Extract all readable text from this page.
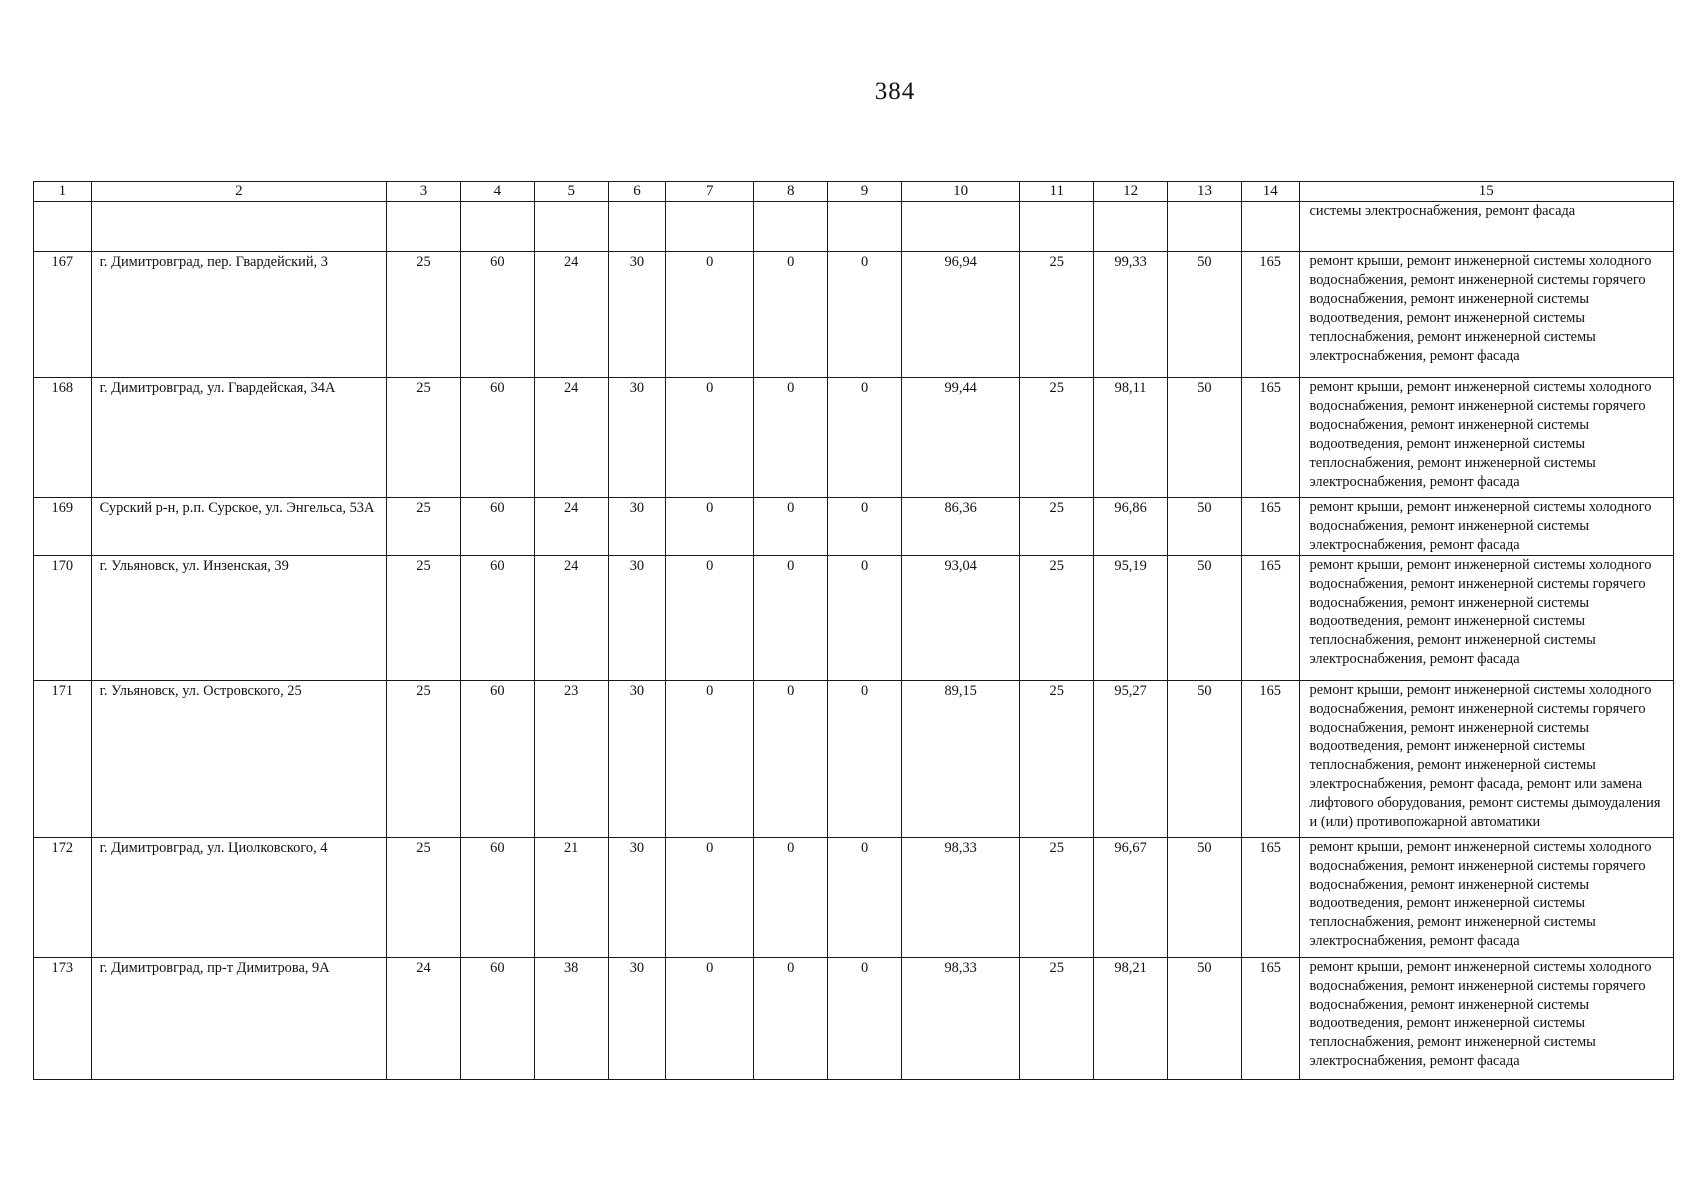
384
1	2	3	4	5	6	7	8	9	10	11	12	13	14	15
														системы электроснабжения, ремонт фасада
167	г. Димитровград, пер. Гвардейский, 3	25	60	24	30	0	0	0	96,94	25	99,33	50	165	ремонт крыши, ремонт инженерной системы холодного водоснабжения, ремонт инженерной системы горячего водоснабжения, ремонт инженерной системы водоотведения, ремонт инженерной системы теплоснабжения, ремонт инженерной системы электроснабжения, ремонт фасада
168	г. Димитровград, ул. Гвардейская, 34А	25	60	24	30	0	0	0	99,44	25	98,11	50	165	ремонт крыши, ремонт инженерной системы холодного водоснабжения, ремонт инженерной системы горячего водоснабжения, ремонт инженерной системы водоотведения, ремонт инженерной системы теплоснабжения, ремонт инженерной системы электроснабжения, ремонт фасада
169	Сурский р-н, р.п. Сурское, ул. Энгельса, 53А	25	60	24	30	0	0	0	86,36	25	96,86	50	165	ремонт крыши, ремонт инженерной системы холодного водоснабжения, ремонт инженерной системы электроснабжения, ремонт фасада
170	г. Ульяновск, ул. Инзенская, 39	25	60	24	30	0	0	0	93,04	25	95,19	50	165	ремонт крыши, ремонт инженерной системы холодного водоснабжения, ремонт инженерной системы горячего водоснабжения, ремонт инженерной системы водоотведения, ремонт инженерной системы теплоснабжения, ремонт инженерной системы электроснабжения, ремонт фасада
171	г. Ульяновск, ул. Островского, 25	25	60	23	30	0	0	0	89,15	25	95,27	50	165	ремонт крыши, ремонт инженерной системы холодного водоснабжения, ремонт инженерной системы горячего водоснабжения, ремонт инженерной системы водоотведения, ремонт инженерной системы теплоснабжения, ремонт инженерной системы электроснабжения, ремонт фасада, ремонт или замена лифтового оборудования, ремонт системы дымоудаления и (или) противопожарной автоматики
172	г. Димитровград, ул. Циолковского, 4	25	60	21	30	0	0	0	98,33	25	96,67	50	165	ремонт крыши, ремонт инженерной системы холодного водоснабжения, ремонт инженерной системы горячего водоснабжения, ремонт инженерной системы водоотведения, ремонт инженерной системы теплоснабжения, ремонт инженерной системы электроснабжения, ремонт фасада
173	г. Димитровград, пр-т Димитрова, 9А	24	60	38	30	0	0	0	98,33	25	98,21	50	165	ремонт крыши, ремонт инженерной системы холодного водоснабжения, ремонт инженерной системы горячего водоснабжения, ремонт инженерной системы водоотведения, ремонт инженерной системы теплоснабжения, ремонт инженерной системы электроснабжения, ремонт фасада
